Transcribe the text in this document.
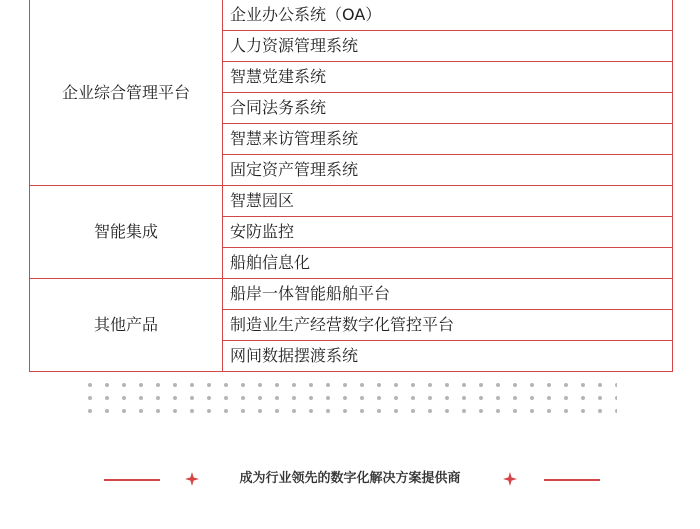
企业综合管理平台	企业办公系统（OA）
	人力资源管理系统
	智慧党建系统
	合同法务系统
	智慧来访管理系统
	固定资产管理系统
智能集成	智慧园区
	安防监控
	船舶信息化
其他产品	船岸一体智能船舶平台
	制造业生产经营数字化管控平台
	网间数据摆渡系统
成为行业领先的数字化解决方案提供商
